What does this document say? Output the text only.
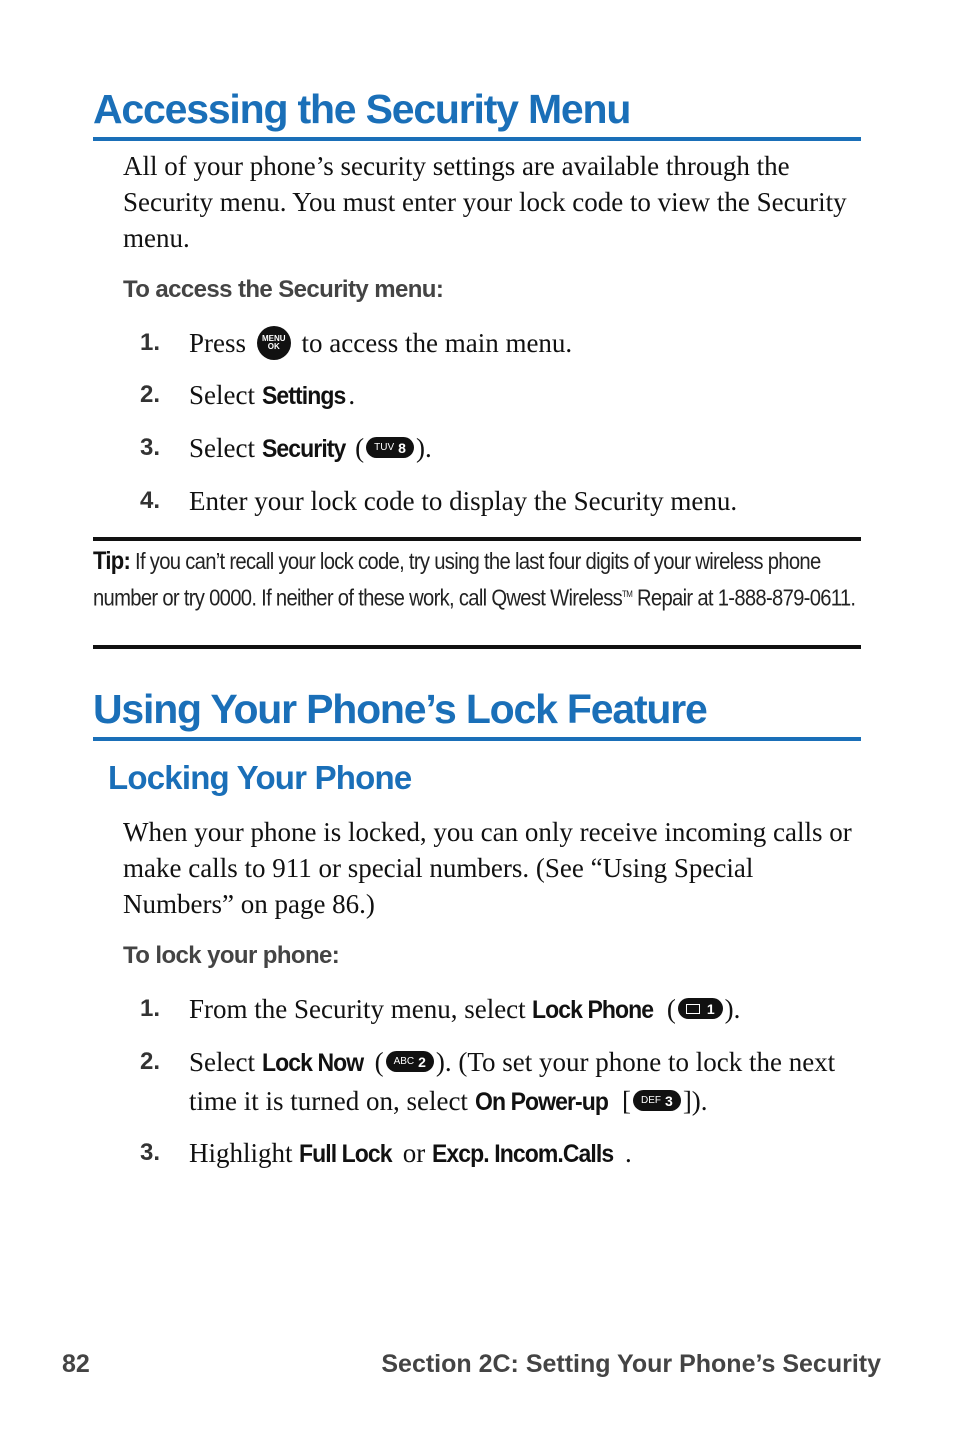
Accessing the Security Menu

All of your phone’s security settings are available through the Security menu. You must enter your lock code to view the Security menu.

To access the Security menu:

1.	Press MENU
OK to access the main menu.
2.	Select Settings .
3.	Select Security ( TUV 8 ).
4.	Enter your lock code to display the Security menu.

Tip: If you can’t recall your lock code, try using the last four digits of your wireless phone number or try 0000. If neither of these work, call Qwest Wireless™ Repair at 1-888-879-0611.

Using Your Phone’s Lock Feature
Locking Your Phone

When your phone is locked, you can only receive incoming calls or make calls to 911 or special numbers. (See “Using Special Numbers” on page 86.)

To lock your phone:

1.	From the Security menu, select Lock Phone ( 1 ).
2.	Select Lock Now ( ABC 2 ). (To set your phone to lock the next time it is turned on, select On Power-up [ DEF 3 ]).
3.	Highlight Full Lock or Excp. Incom.Calls .
82	Section 2C: Setting Your Phone’s Security
